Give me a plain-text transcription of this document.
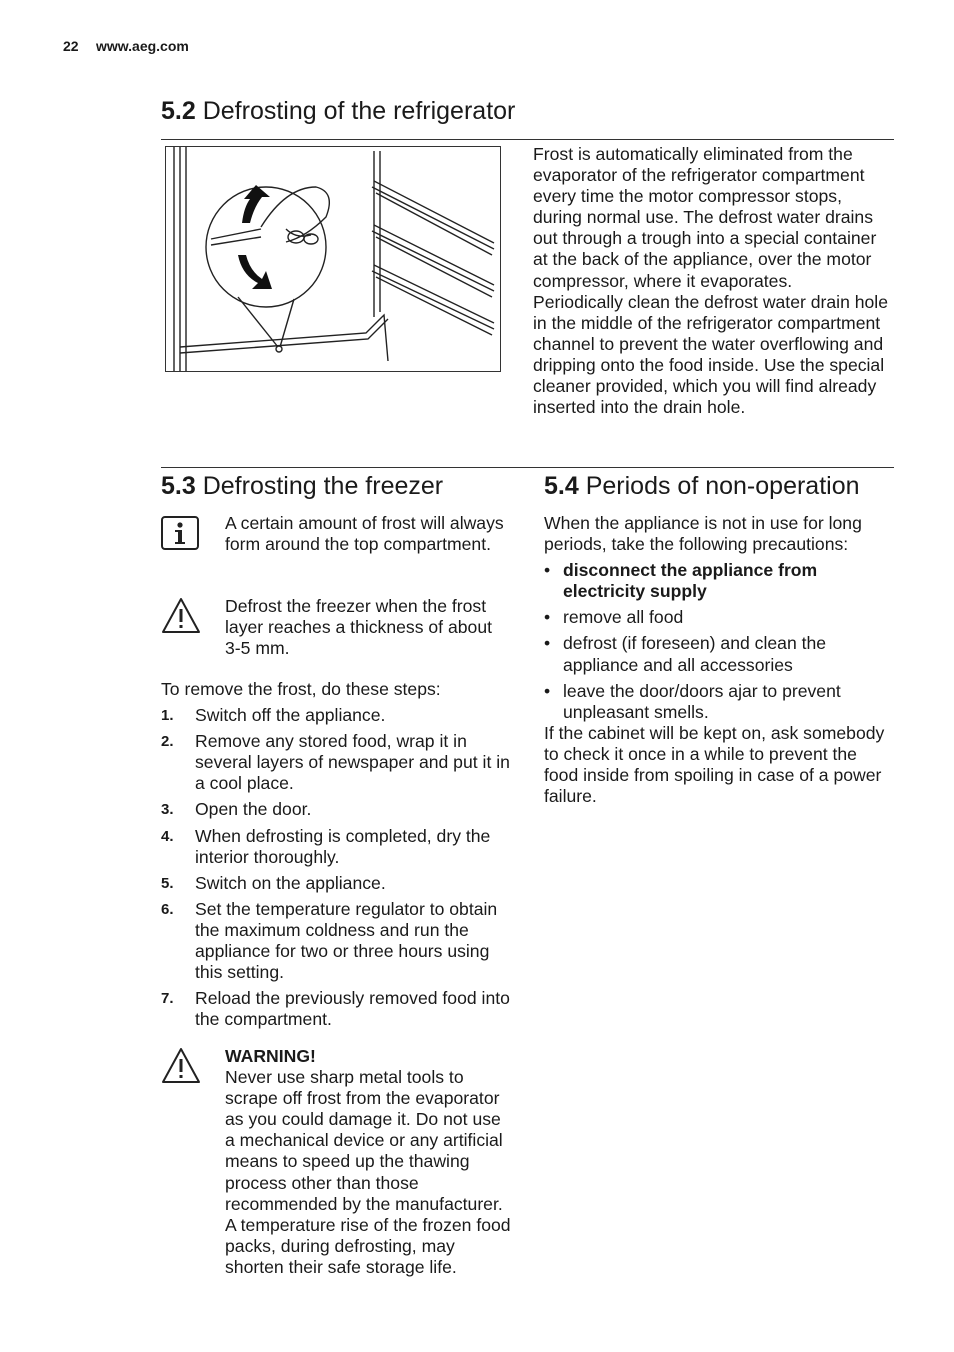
22 www.aeg.com
5.2 Defrosting of the refrigerator

Frost is automatically eliminated from the evaporator of the refrigerator compartment every time the motor compressor stops, during normal use. The defrost water drains out through a trough into a special container at the back of the appliance, over the motor compressor, where it evaporates.

Periodically clean the defrost water drain hole in the middle of the refrigerator compartment channel to prevent the water overflowing and dripping onto the food inside. Use the special cleaner provided, which you will find already inserted into the drain hole.

5.3 Defrosting the freezer
A certain amount of frost will always form around the top compartment.
Defrost the freezer when the frost layer reaches a thickness of about 3-5 mm.

To remove the frost, do these steps:

1.	Switch off the appliance.
2.	Remove any stored food, wrap it in several layers of newspaper and put it in a cool place.
3.	Open the door.
4.	When defrosting is completed, dry the interior thoroughly.
5.	Switch on the appliance.
6.	Set the temperature regulator to obtain the maximum coldness and run the appliance for two or three hours using this setting.
7.	Reload the previously removed food into the compartment.
WARNING!
Never use sharp metal tools to scrape off frost from the evaporator as you could damage it. Do not use a mechanical device or any artificial means to speed up the thawing process other than those recommended by the manufacturer. A temperature rise of the frozen food packs, during defrosting, may shorten their safe storage life.
5.4 Periods of non-operation

When the appliance is not in use for long periods, take the following precautions:

• disconnect the appliance from electricity supply
• remove all food
• defrost (if foreseen) and clean the appliance and all accessories
• leave the door/doors ajar to prevent unpleasant smells.

If the cabinet will be kept on, ask somebody to check it once in a while to prevent the food inside from spoiling in case of a power failure.
